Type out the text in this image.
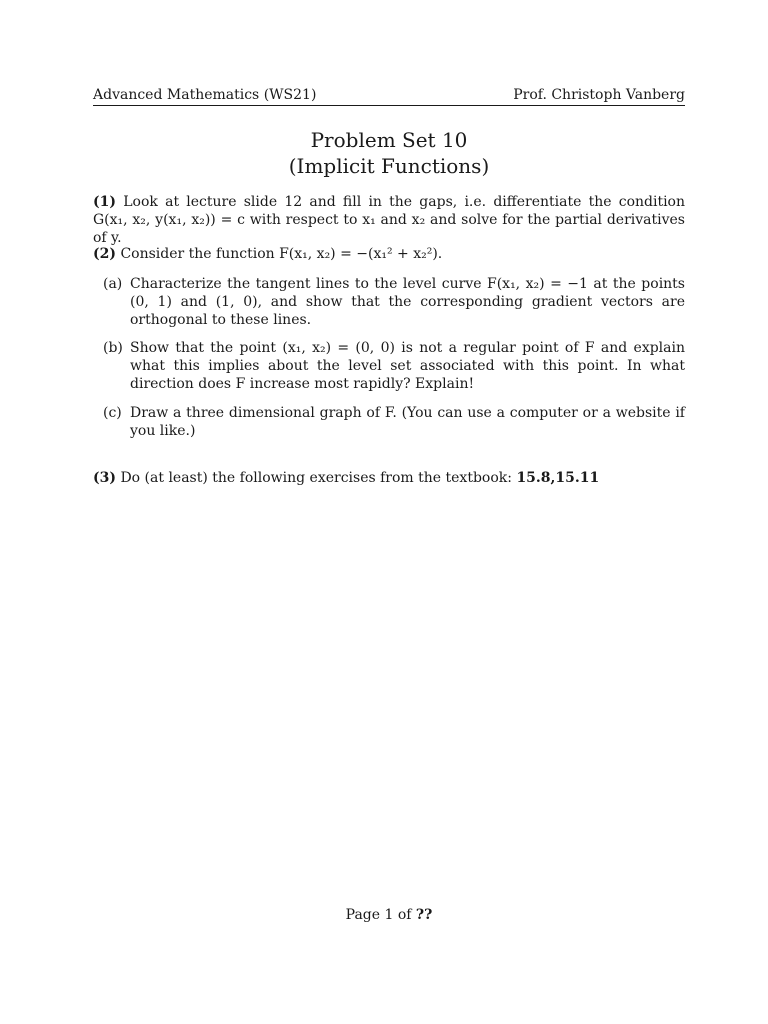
Advanced Mathematics (WS21)	Prof. Christoph Vanberg
Problem Set 10
(Implicit Functions)
(1) Look at lecture slide 12 and fill in the gaps, i.e. differentiate the condition G(x₁, x₂, y(x₁, x₂)) = c with respect to x₁ and x₂ and solve for the partial derivatives of y.
(2) Consider the function F(x₁, x₂) = −(x₁² + x₂²).
(a) Characterize the tangent lines to the level curve F(x₁, x₂) = −1 at the points (0, 1) and (1, 0), and show that the corresponding gradient vectors are orthogonal to these lines.
(b) Show that the point (x₁, x₂) = (0, 0) is not a regular point of F and explain what this implies about the level set associated with this point. In what direction does F increase most rapidly? Explain!
(c) Draw a three dimensional graph of F. (You can use a computer or a website if you like.)
(3) Do (at least) the following exercises from the textbook: 15.8,15.11
Page 1 of ??
